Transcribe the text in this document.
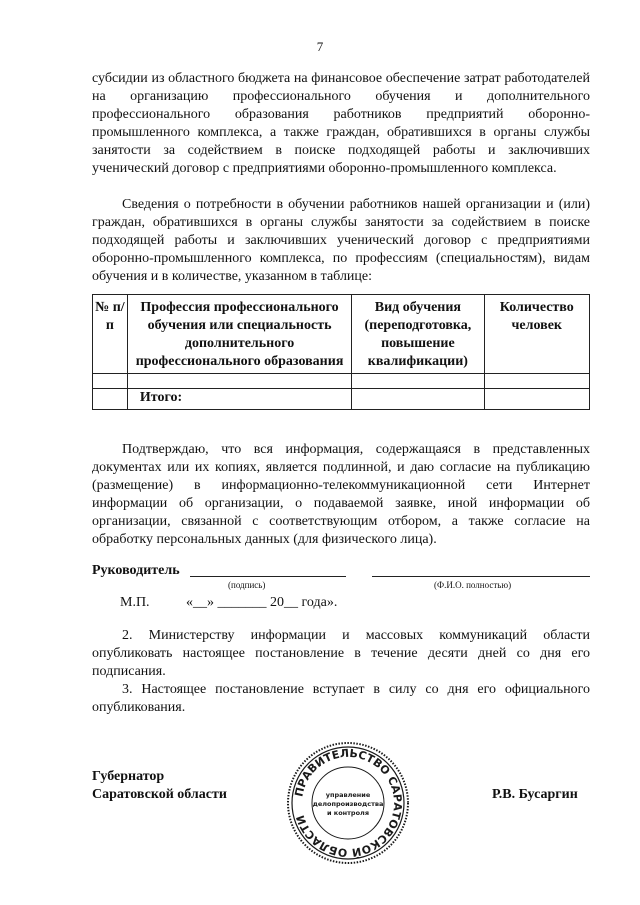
7

субсидии из областного бюджета на финансовое обеспечение затрат работодателей на организацию профессионального обучения и дополнительного профессионального образования работников предприятий оборонно-промышленного комплекса, а также граждан, обратившихся в органы службы занятости за содействием в поиске подходящей работы и заключивших ученический договор с предприятиями оборонно-промышленного комплекса.

Сведения о потребности в обучении работников нашей организации и (или) граждан, обратившихся в органы службы занятости за содействием в поиске подходящей работы и заключивших ученический договор с предприятиями оборонно-промышленного комплекса, по профессиям (специальностям), видам обучения и в количестве, указанном в таблице:

№ п/п	Профессия профессионального обучения или специальность дополнительного профессионального образования	Вид обучения (переподготовка, повышение квалификации)	Количество человек

	Итого:		

Подтверждаю, что вся информация, содержащаяся в представленных документах или их копиях, является подлинной, и даю согласие на публикацию (размещение) в информационно-телекоммуникационной сети Интернет информации об организации, о подаваемой заявке, иной информации об организации, связанной с соответствующим отбором, а также согласие на обработку персональных данных (для физического лица).

Руководитель
(подпись)	(Ф.И.О. полностью)
М.П.	«__» _______ 20__ года».

2. Министерству информации и массовых коммуникаций области опубликовать настоящее постановление в течение десяти дней со дня его подписания.

3. Настоящее постановление вступает в силу со дня его официального опубликования.

Губернатор
Саратовской области	Р.В. Бусаргин
ПРАВИТЕЛЬСТВО САРАТОВСКОЙ ОБЛАСТИ
управление
делопроизводства
и контроля
